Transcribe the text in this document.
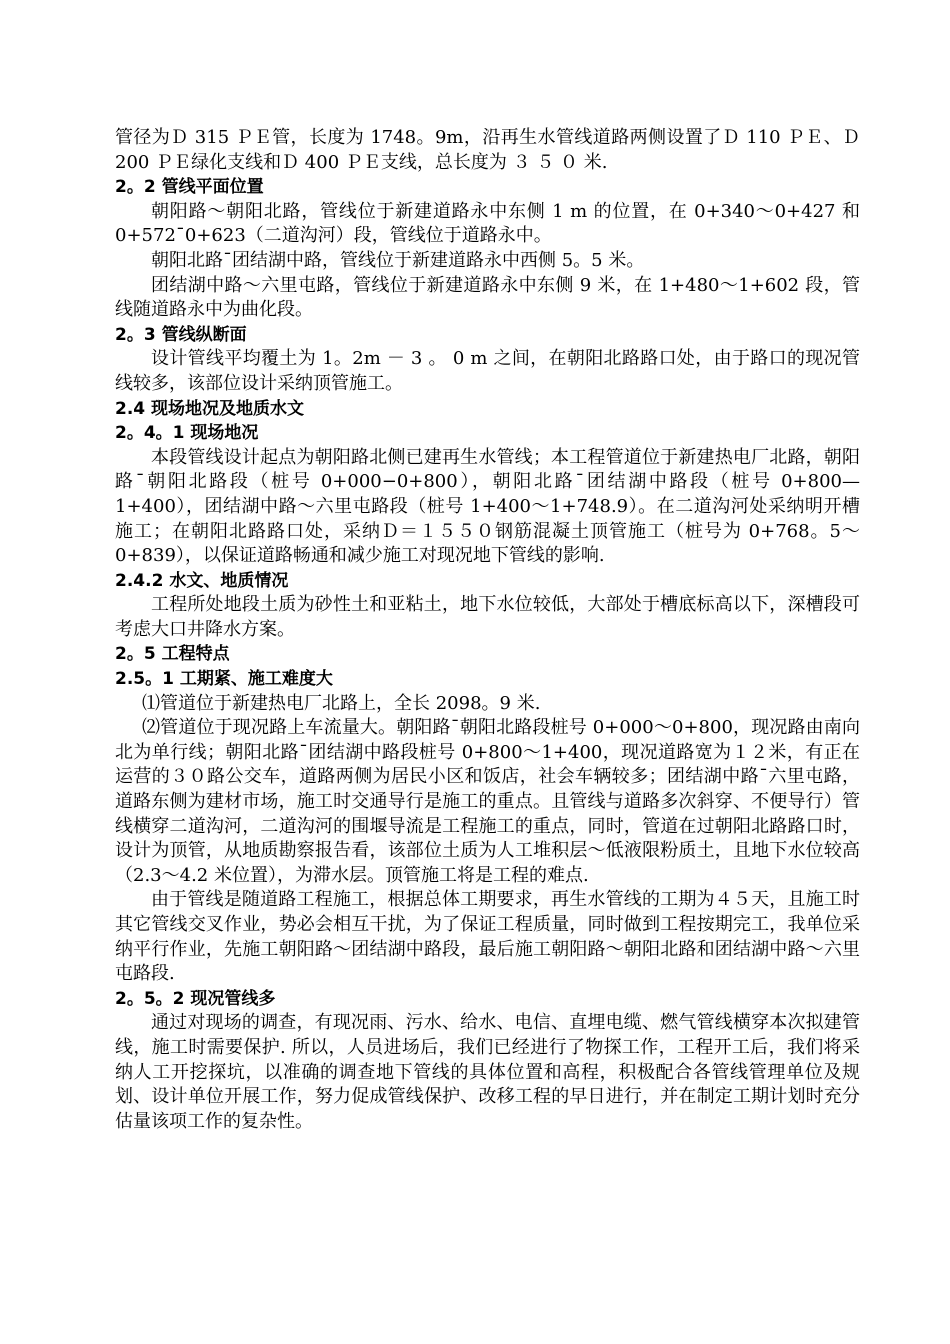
管径为Ｄ 315 ＰＥ管，长度为 1748。9m，沿再生水管线道路两侧设置了Ｄ 110 ＰＥ、Ｄ 200 ＰＥ绿化支线和Ｄ 400 ＰＥ支线，总长度为 ３ ５ ０ 米.
2。2 管线平面位置
朝阳路～朝阳北路，管线位于新建道路永中东侧 1 m 的位置，在 0+340～0+427 和 0+572¯0+623（二道沟河）段，管线位于道路永中。
朝阳北路¯团结湖中路，管线位于新建道路永中西侧 5。5 米。
团结湖中路～六里屯路，管线位于新建道路永中东侧 9 米，在 1+480～1+602 段，管线随道路永中为曲化段。
2。3 管线纵断面
设计管线平均覆土为 1。2m － 3 。 0 m 之间，在朝阳北路路口处，由于路口的现况管线较多，该部位设计采纳顶管施工。
2.4 现场地况及地质水文
2。4。1 现场地况
本段管线设计起点为朝阳路北侧已建再生水管线；本工程管道位于新建热电厂北路，朝阳路¯朝阳北路段（桩号 0+000−0+800），朝阳北路¯团结湖中路段（桩号 0+800—1+400），团结湖中路～六里屯路段（桩号 1+400～1+748.9）。在二道沟河处采纳明开槽施工；在朝阳北路路口处，采纳Ｄ＝１５５０钢筋混凝土顶管施工（桩号为 0+768。5～0+839），以保证道路畅通和减少施工对现况地下管线的影响.
2.4.2 水文、地质情况
工程所处地段土质为砂性土和亚粘土，地下水位较低，大部处于槽底标高以下，深槽段可考虑大口井降水方案。
2。5 工程特点
2.5。1 工期紧、施工难度大
⑴管道位于新建热电厂北路上，全长 2098。9 米.
⑵管道位于现况路上车流量大。朝阳路¯朝阳北路段桩号 0+000～0+800，现况路由南向北为单行线；朝阳北路¯团结湖中路段桩号 0+800～1+400，现况道路宽为１２米，有正在运营的３０路公交车，道路两侧为居民小区和饭店，社会车辆较多；团结湖中路¯六里屯路，道路东侧为建材市场，施工时交通导行是施工的重点。且管线与道路多次斜穿、不便导行）管线横穿二道沟河，二道沟河的围堰导流是工程施工的重点，同时，管道在过朝阳北路路口时，设计为顶管，从地质勘察报告看，该部位土质为人工堆积层～低液限粉质土，且地下水位较高（2.3～4.2 米位置），为滞水层。顶管施工将是工程的难点.
由于管线是随道路工程施工，根据总体工期要求，再生水管线的工期为４５天，且施工时其它管线交叉作业，势必会相互干扰，为了保证工程质量，同时做到工程按期完工，我单位采纳平行作业，先施工朝阳路～团结湖中路段，最后施工朝阳路～朝阳北路和团结湖中路～六里屯路段.
2。5。2 现况管线多
通过对现场的调查，有现况雨、污水、给水、电信、直埋电缆、燃气管线横穿本次拟建管线，施工时需要保护. 所以，人员进场后，我们已经进行了物探工作，工程开工后，我们将采纳人工开挖探坑，以准确的调查地下管线的具体位置和高程，积极配合各管线管理单位及规划、设计单位开展工作，努力促成管线保护、改移工程的早日进行，并在制定工期计划时充分估量该项工作的复杂性。
